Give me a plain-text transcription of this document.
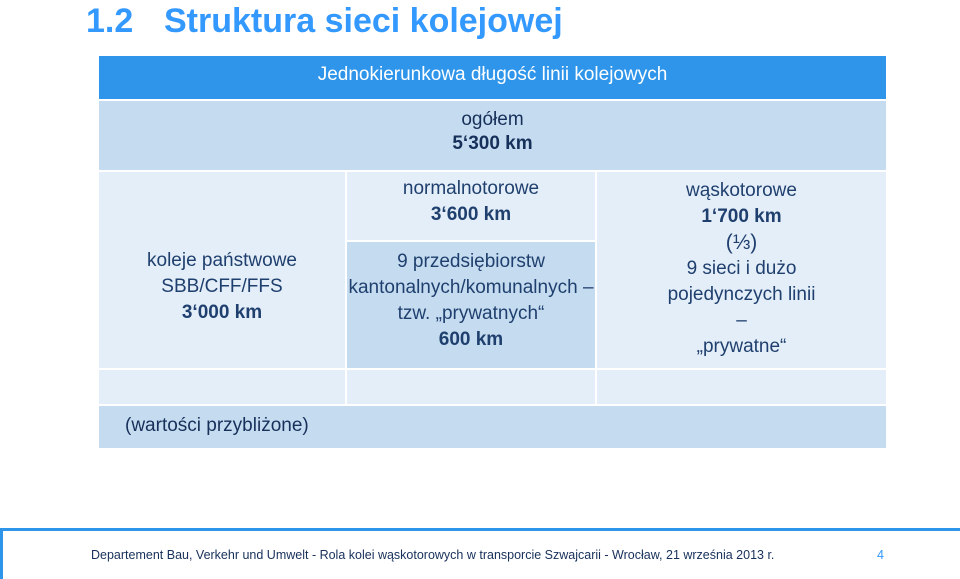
1.2 Struktura sieci kolejowej
Jednokierunkowa długość linii kolejowych
ogółem
5‘300 km
koleje państwowe
SBB/CFF/FFS
3‘000 km
normalnotorowe
3‘600 km
9 przedsiębiorstw
kantonalnych/komunalnych –
tzw. „prywatnych“
600 km
wąskotorowe
1‘700 km
(⅓)
9 sieci i dużo
pojedynczych linii
–
„prywatne“
(wartości przybliżone)
Departement Bau, Verkehr und Umwelt - Rola kolei wąskotorowych w transporcie Szwajcarii - Wrocław, 21 września 2013 r.	4
